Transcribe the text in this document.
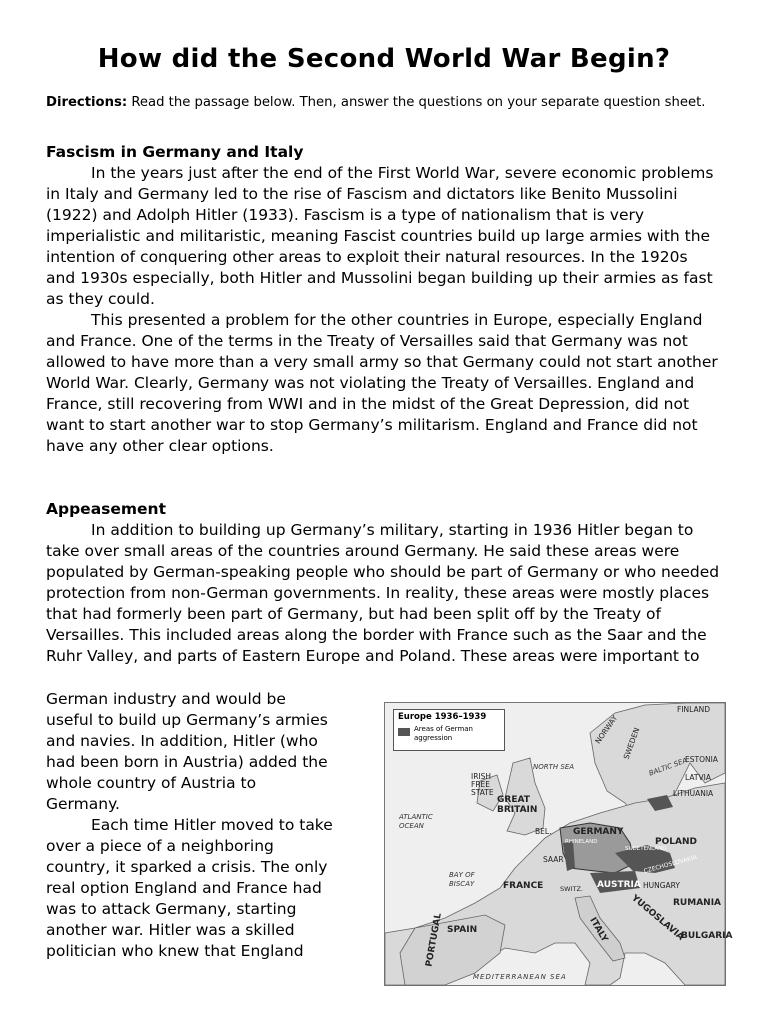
How did the Second World War Begin?
Directions: Read the passage below. Then, answer the questions on your separate question sheet.
Fascism in Germany and Italy

In the years just after the end of the First World War, severe economic problems in Italy and Germany led to the rise of Fascism and dictators like Benito Mussolini (1922) and Adolph Hitler (1933). Fascism is a type of nationalism that is very imperialistic and militaristic, meaning Fascist countries build up large armies with the intention of conquering other areas to exploit their natural resources. In the 1920s and 1930s especially, both Hitler and Mussolini began building up their armies as fast as they could.

This presented a problem for the other countries in Europe, especially England and France. One of the terms in the Treaty of Versailles said that Germany was not allowed to have more than a very small army so that Germany could not start another World War. Clearly, Germany was not violating the Treaty of Versailles. England and France, still recovering from WWI and in the midst of the Great Depression, did not want to start another war to stop Germany’s militarism. England and France did not have any other clear options.

Appeasement

In addition to building up Germany’s military, starting in 1936 Hitler began to take over small areas of the countries around Germany. He said these areas were populated by German-speaking people who should be part of Germany or who needed protection from non-German governments. In reality, these areas were mostly places that had formerly been part of Germany, but had been split off by the Treaty of Versailles. This included areas along the border with France such as the Saar and the Ruhr Valley, and parts of Eastern Europe and Poland. These areas were important to

German industry and would be
useful to build up Germany’s armies
and navies. In addition, Hitler (who
had been born in Austria) added the
whole country of Austria to
Germany.
Each time Hitler moved to take
over a piece of a neighboring
country, it sparked a crisis. The only
real option England and France had
was to attack Germany, starting
another war. Hitler was a skilled
politician who knew that England
Europe 1936–1939
Areas of German aggression
FINLAND
NORWAY SWEDEN
NORTH SEA	BALTIC SEA
ESTONIA
LATVIA
LITHUANIA
IRISH FREE STATE
GREAT BRITAIN
ATLANTIC OCEAN
GERMANY
BEL.
SAAR
RHINELAND
SUDETENLAND
POLAND
CZECHOSLOVAKIA
BAY OF BISCAY	FRANCE	SWITZ. AUSTRIA HUNGARY
RUMANIA
YUGOSLAVIA
BULGARIA
ITALY
SPAIN
PORTUGAL
MEDITERRANEAN SEA
